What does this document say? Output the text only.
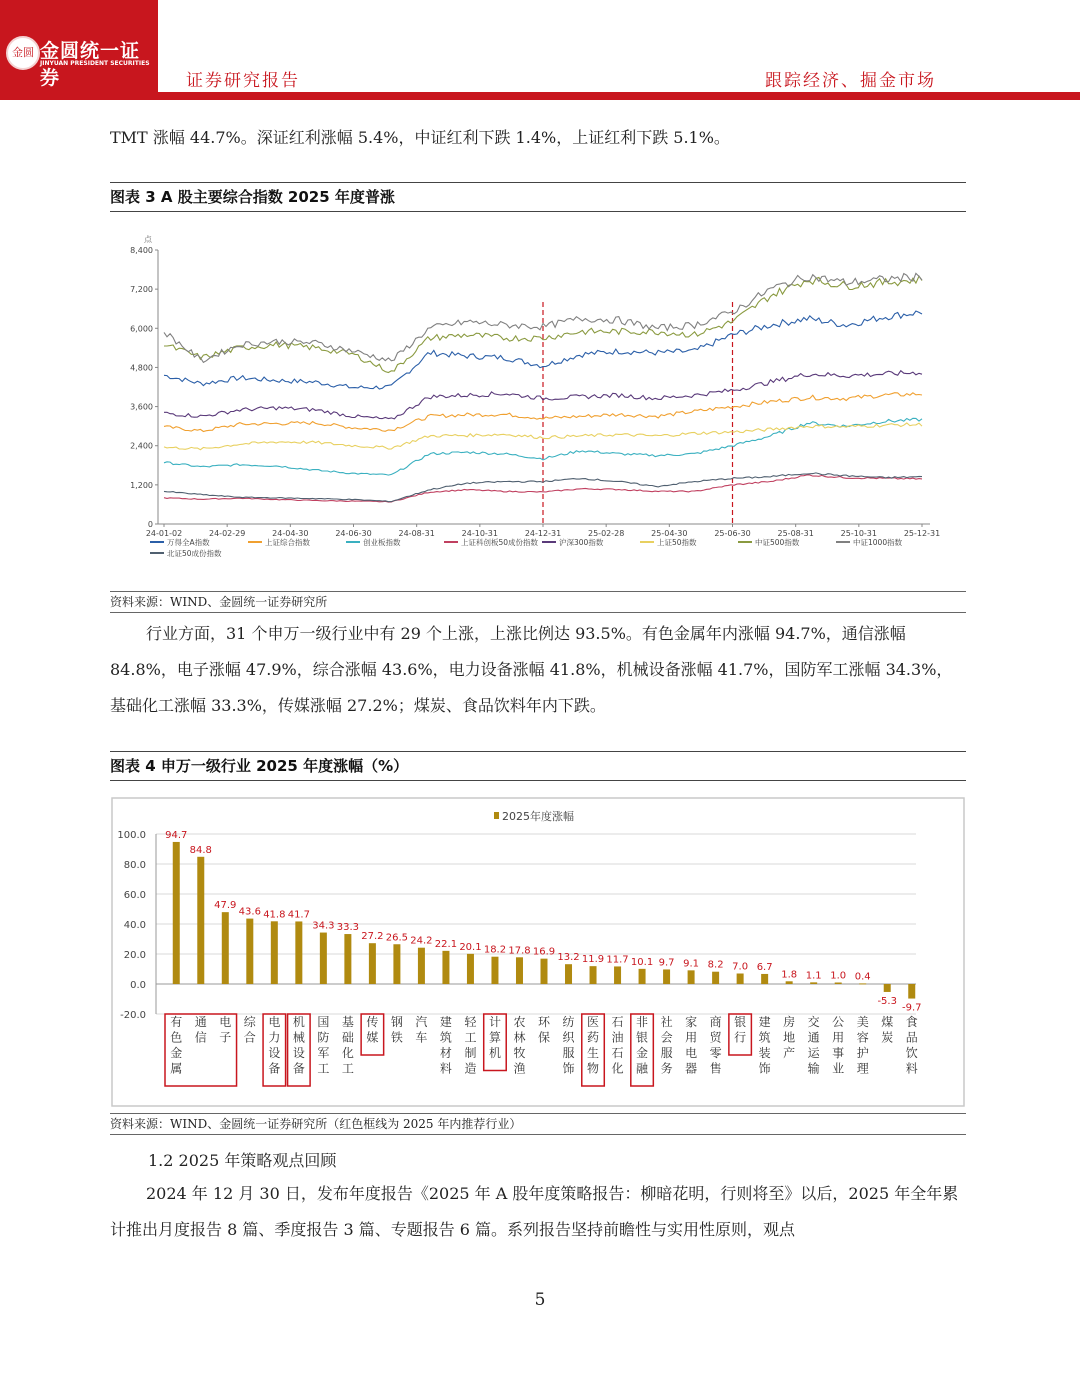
金圆 金圆统一证券
JINYUAN PRESIDENT SECURITIES
证券研究报告	跟踪经济、掘金市场
TMT 涨幅 44.7%。深证红利涨幅 5.4%，中证红利下跌 1.4%，上证红利下跌 5.1%。
图表 3 A 股主要综合指数 2025 年度普涨
点
0
1,200
2,400
3,600
4,800
6,000
7,200
8,400
24-01-02	24-02-29	24-04-30	24-06-30	24-08-31	24-10-31	24-12-31	25-02-28	25-04-30	25-06-30	25-08-31	25-10-31	25-12-31
万得全A指数	上证综合指数	创业板指数	上证科创板50成份指数	沪深300指数	上证50指数	中证500指数	中证1000指数
北证50成份指数
资料来源：WIND、金圆统一证券研究所
行业方面，31 个申万一级行业中有 29 个上涨，上涨比例达 93.5%。有色金属年内涨幅 94.7%，通信涨幅 84.8%，电子涨幅 47.9%，综合涨幅 43.6%，电力设备涨幅 41.8%，机械设备涨幅 41.7%，国防军工涨幅 34.3%，基础化工涨幅 33.3%，传媒涨幅 27.2%；煤炭、食品饮料年内下跌。
图表 4 申万一级行业 2025 年度涨幅（%）
-20.0
0.0
20.0
40.0
60.0
80.0
100.0
2025年度涨幅
94.7
有色金属
84.8
通信
47.9
电子
43.6
综合
41.8
电力设备
41.7
机械设备
34.3
国防军工
33.3
基础化工
27.2
传媒
26.5
钢铁
24.2
汽车
22.1
建筑材料
20.1
轻工制造
18.2
计算机
17.8
农林牧渔
16.9
环保
13.2
纺织服饰
11.9
医药生物
11.7
石油石化
10.1
非银金融
9.7
社会服务
9.1
家用电器
8.2
商贸零售
7.0
银行
6.7
建筑装饰
1.8
房地产
1.1
交通运输
1.0
公用事业
0.4
美容护理
-5.3
煤炭
-9.7
食品饮料
资料来源：WIND、金圆统一证券研究所（红色框线为 2025 年内推荐行业）
1.2 2025 年策略观点回顾
2024 年 12 月 30 日，发布年度报告《2025 年 A 股年度策略报告：柳暗花明，行则将至》以后，2025 年全年累计推出月度报告 8 篇、季度报告 3 篇、专题报告 6 篇。系列报告坚持前瞻性与实用性原则，观点
5
